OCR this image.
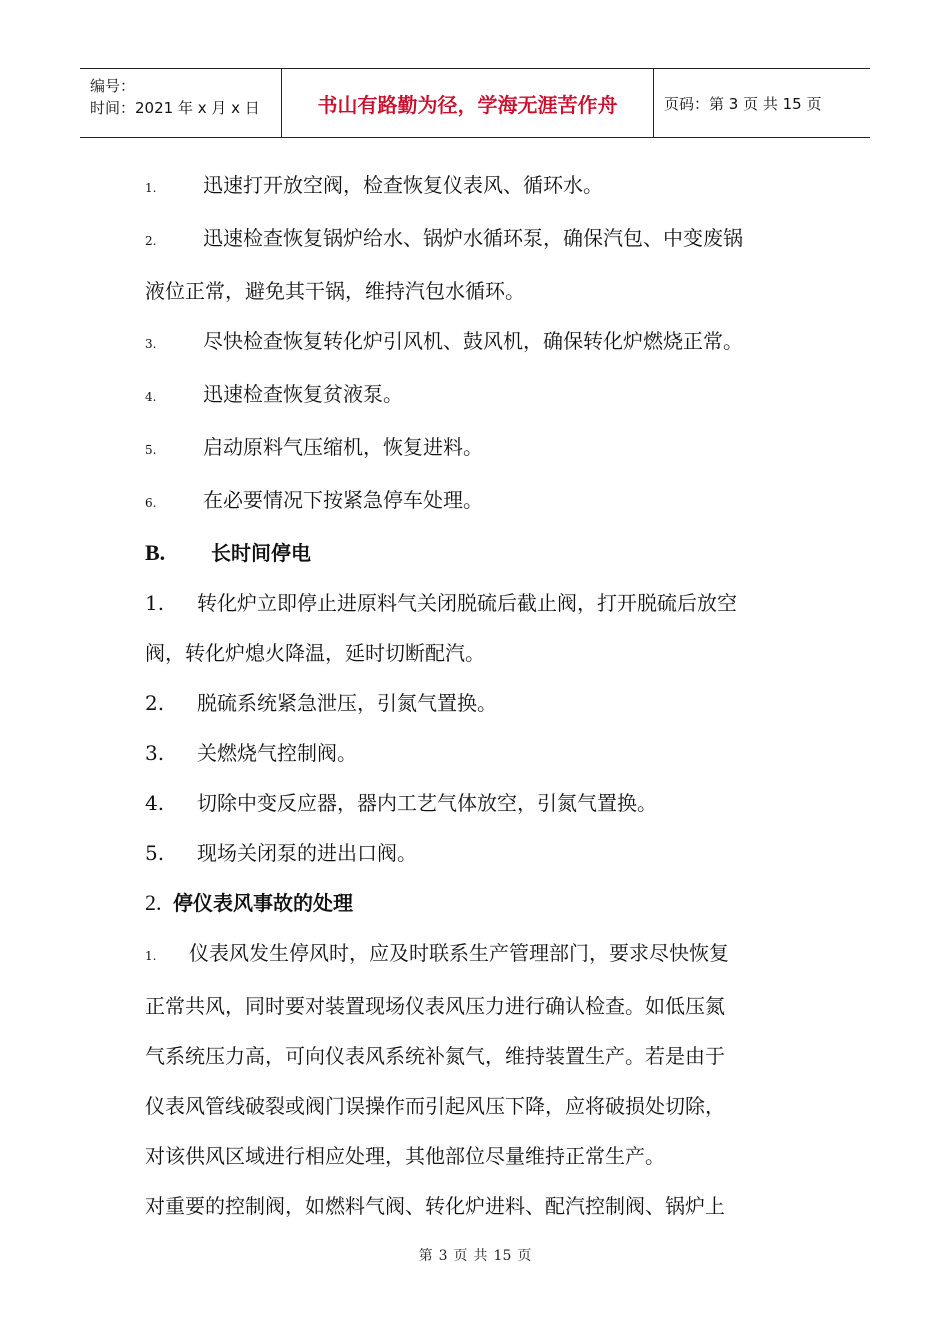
编号：
时间：2021 年 x 月 x 日	书山有路勤为径，学海无涯苦作舟	页码：第 3 页 共 15 页

1. 迅速打开放空阀，检查恢复仪表风、循环水。

2. 迅速检查恢复锅炉给水、锅炉水循环泵，确保汽包、中变废锅

液位正常，避免其干锅，维持汽包水循环。

3. 尽快检查恢复转化炉引风机、鼓风机，确保转化炉燃烧正常。

4. 迅速检查恢复贫液泵。

5. 启动原料气压缩机，恢复进料。

6. 在必要情况下按紧急停车处理。

B. 长时间停电

1. 转化炉立即停止进原料气关闭脱硫后截止阀，打开脱硫后放空

阀，转化炉熄火降温，延时切断配汽。

2. 脱硫系统紧急泄压，引氮气置换。

3. 关燃烧气控制阀。

4. 切除中变反应器，器内工艺气体放空，引氮气置换。

5. 现场关闭泵的进出口阀。

2. 停仪表风事故的处理

1. 仪表风发生停风时，应及时联系生产管理部门，要求尽快恢复

正常共风，同时要对装置现场仪表风压力进行确认检查。如低压氮

气系统压力高，可向仪表风系统补氮气，维持装置生产。若是由于

仪表风管线破裂或阀门误操作而引起风压下降，应将破损处切除，

对该供风区域进行相应处理，其他部位尽量维持正常生产。

对重要的控制阀，如燃料气阀、转化炉进料、配汽控制阀、锅炉上

第 3 页 共 15 页
